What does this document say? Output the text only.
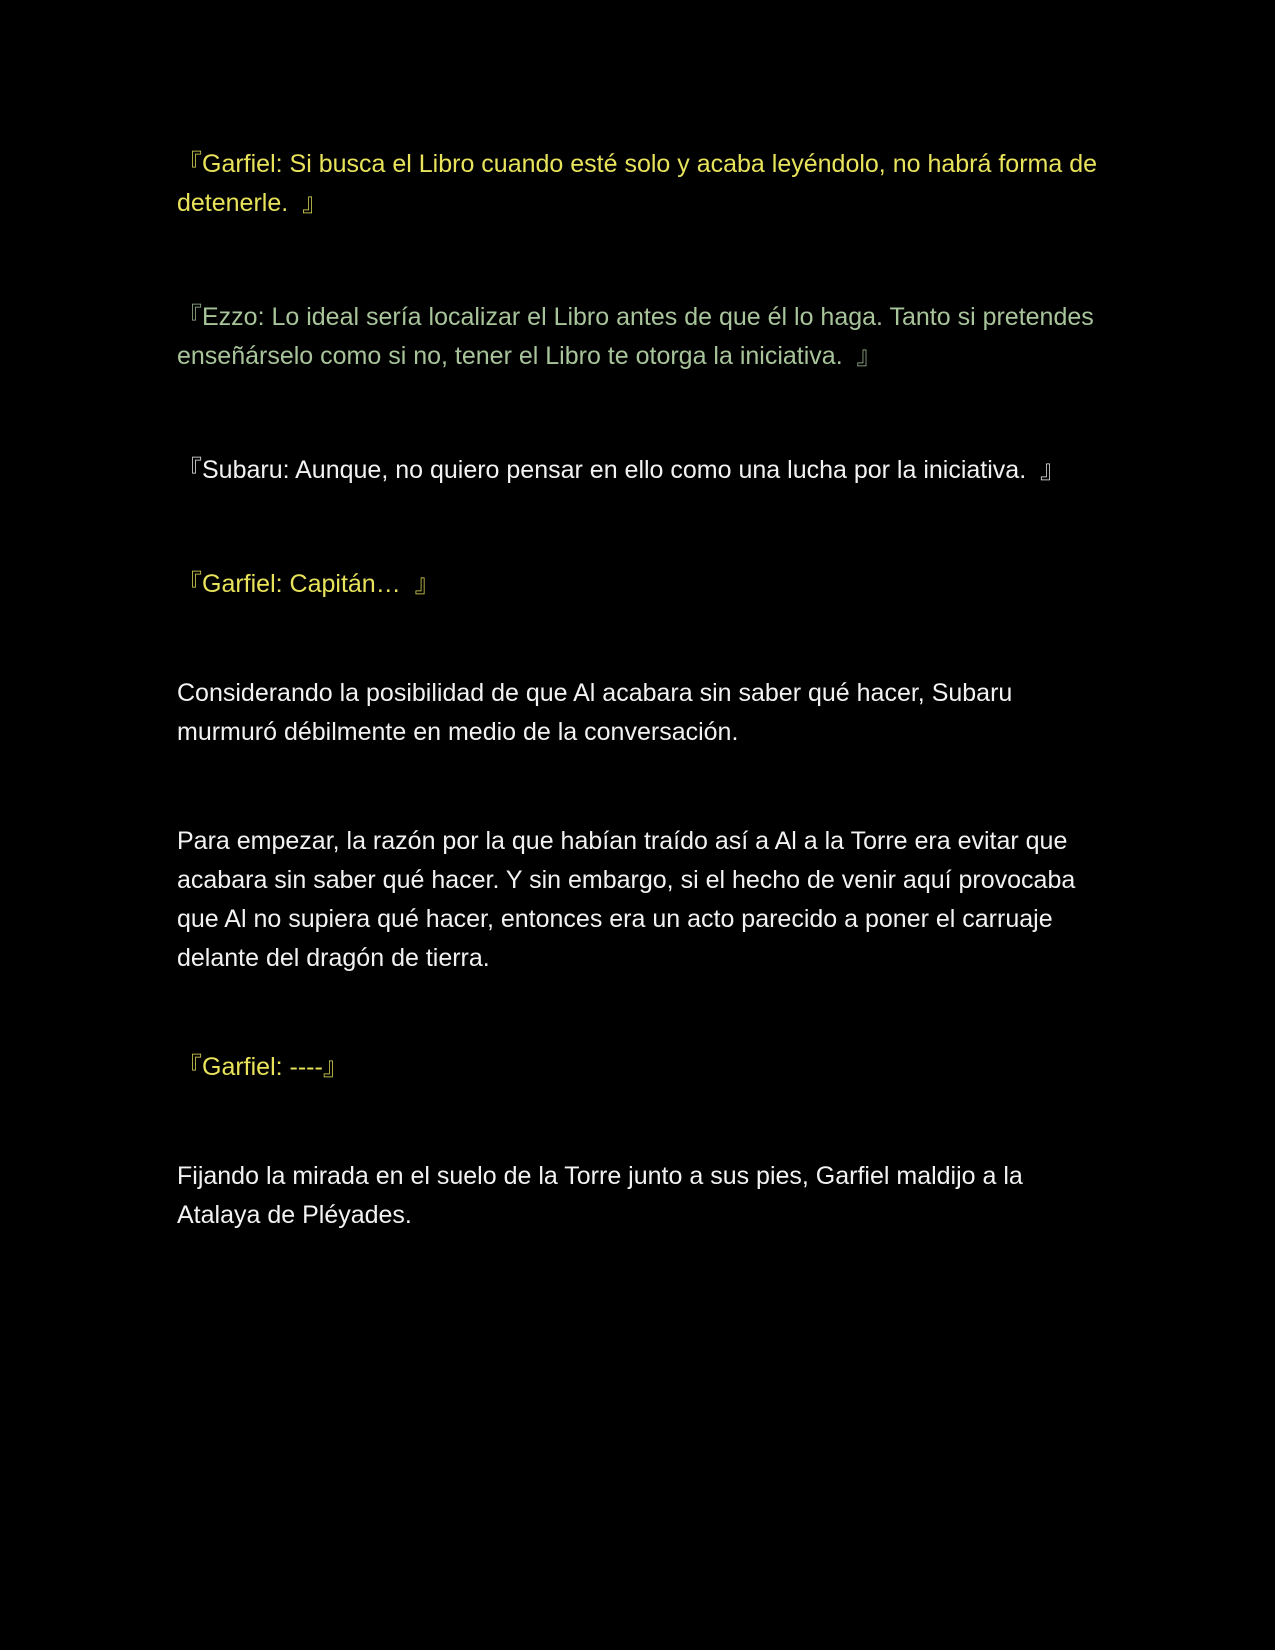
『Garfiel: Si busca el Libro cuando esté solo y acaba leyéndolo, no habrá forma de detenerle.  』

『Ezzo: Lo ideal sería localizar el Libro antes de que él lo haga. Tanto si pretendes enseñárselo como si no, tener el Libro te otorga la iniciativa.  』

『Subaru: Aunque, no quiero pensar en ello como una lucha por la iniciativa.  』

『Garfiel: Capitán…  』

Considerando la posibilidad de que Al acabara sin saber qué hacer, Subaru murmuró débilmente en medio de la conversación.

Para empezar, la razón por la que habían traído así a Al a la Torre era evitar que acabara sin saber qué hacer. Y sin embargo, si el hecho de venir aquí provocaba que Al no supiera qué hacer, entonces era un acto parecido a poner el carruaje delante del dragón de tierra.

『Garfiel: ----』

Fijando la mirada en el suelo de la Torre junto a sus pies, Garfiel maldijo a la Atalaya de Pléyades.
